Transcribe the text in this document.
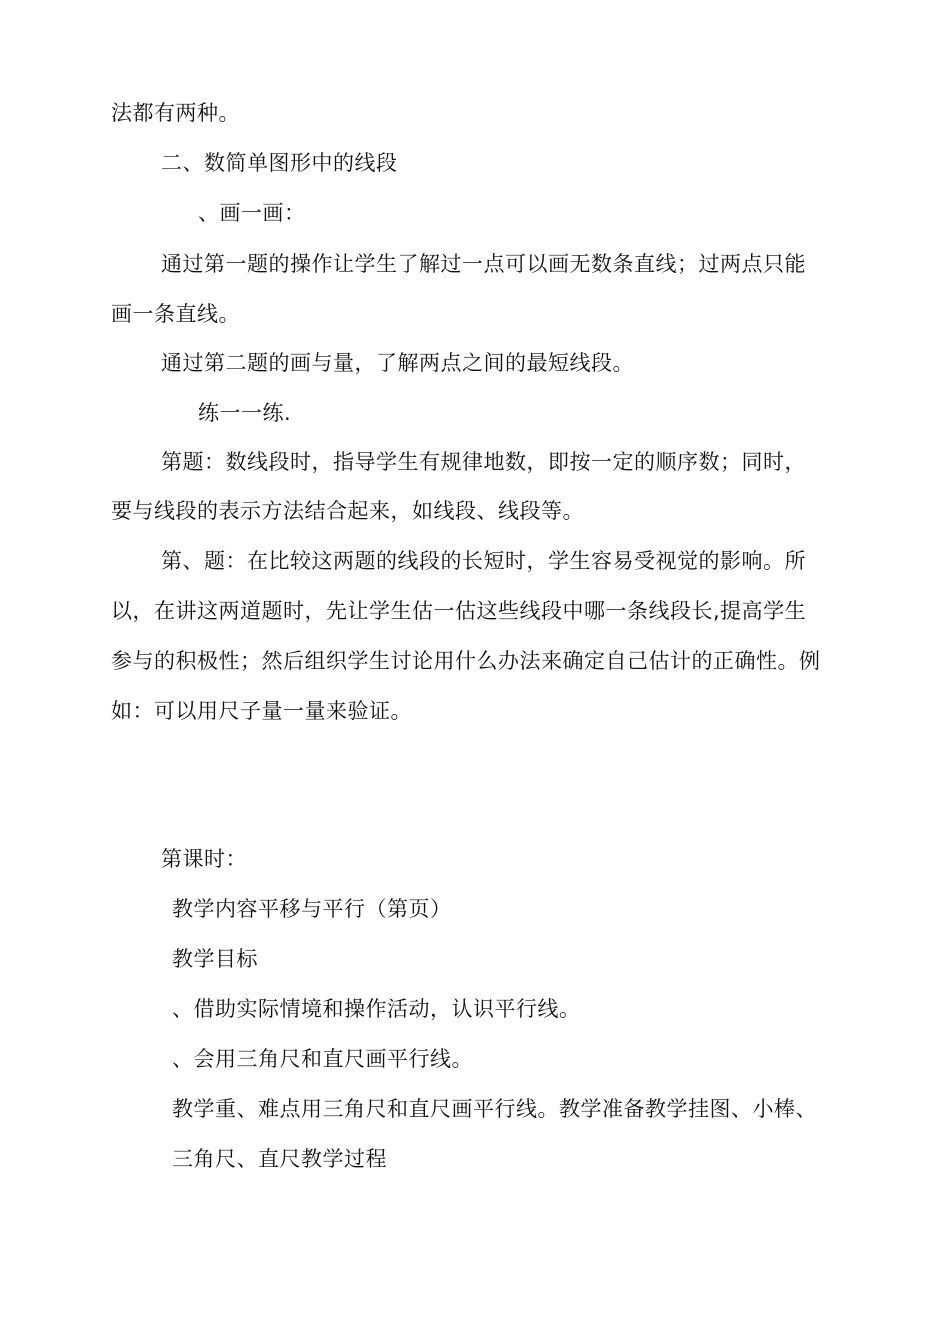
法都有两种。
二、数简单图形中的线段
、画一画：
通过第一题的操作让学生了解过一点可以画无数条直线；过两点只能
画一条直线。
通过第二题的画与量，了解两点之间的最短线段。
练一一练.
第题：数线段时，指导学生有规律地数，即按一定的顺序数；同时，
要与线段的表示方法结合起来，如线段、线段等。
第、题：在比较这两题的线段的长短时，学生容易受视觉的影响。所
以，在讲这两道题时，先让学生估一估这些线段中哪一条线段长,提高学生
参与的积极性；然后组织学生讨论用什么办法来确定自己估计的正确性。例
如：可以用尺子量一量来验证。
第课时：
教学内容平移与平行（第页）
教学目标
、借助实际情境和操作活动，认识平行线。
、会用三角尺和直尺画平行线。
教学重、难点用三角尺和直尺画平行线。教学准备教学挂图、小棒、
三角尺、直尺教学过程
